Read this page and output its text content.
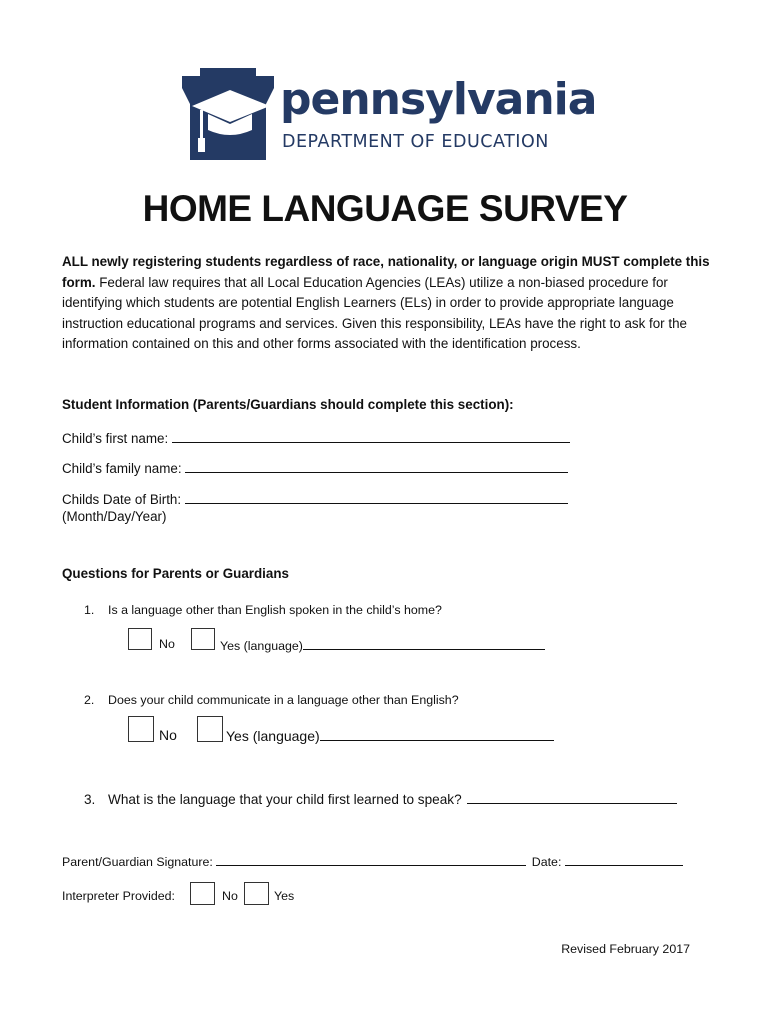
pennsylvania
DEPARTMENT OF EDUCATION
HOME LANGUAGE SURVEY
ALL newly registering students regardless of race, nationality, or language origin MUST complete this form. Federal law requires that all Local Education Agencies (LEAs) utilize a non-biased procedure for identifying which students are potential English Learners (ELs) in order to provide appropriate language instruction educational programs and services. Given this responsibility, LEAs have the right to ask for the information contained on this and other forms associated with the identification process.
Student Information (Parents/Guardians should complete this section):
Child’s first name:
Child’s family name:
Childs Date of Birth:
(Month/Day/Year)
Questions for Parents or Guardians
1. Is a language other than English spoken in the child’s home?
No	Yes (language)
2. Does your child communicate in a language other than English?
No	Yes (language)
3. What is the language that your child first learned to speak?
Parent/Guardian Signature:	Date:
Interpreter Provided:	No	Yes
Revised February 2017
